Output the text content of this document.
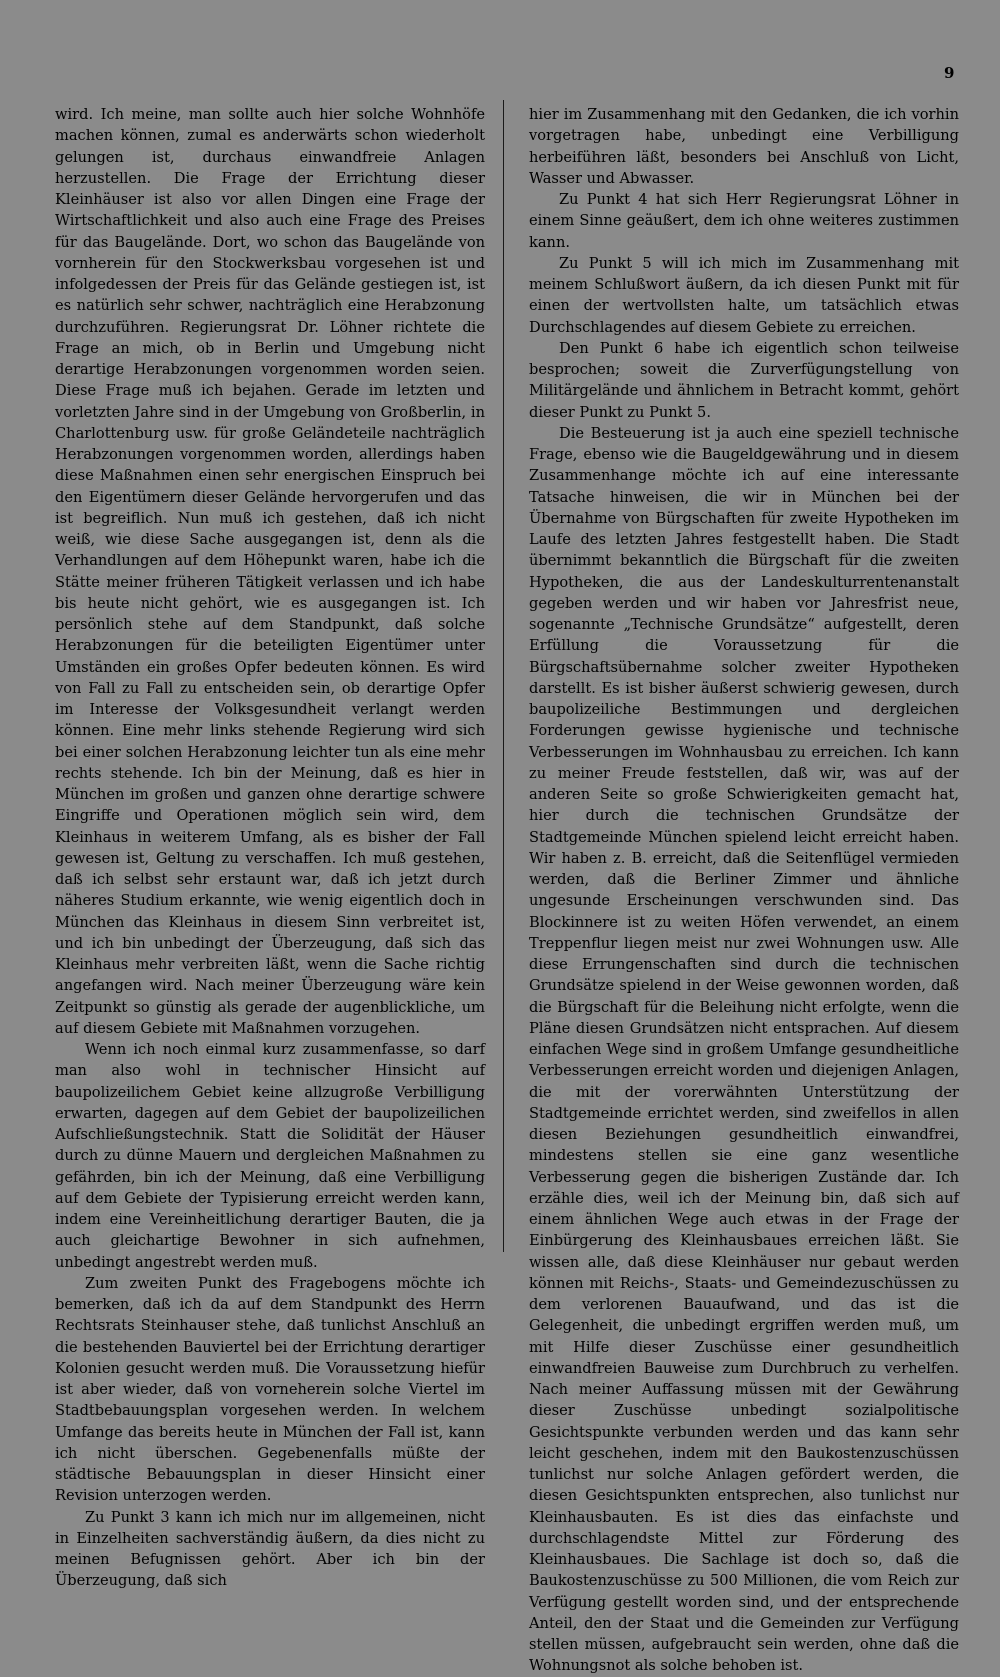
9

wird. Ich meine, man sollte auch hier solche Wohnhöfe machen können, zumal es anderwärts schon wiederholt gelungen ist, durchaus einwandfreie Anlagen herzustellen. Die Frage der Errichtung dieser Kleinhäuser ist also vor allen Dingen eine Frage der Wirtschaftlichkeit und also auch eine Frage des Preises für das Baugelände. Dort, wo schon das Baugelände von vornherein für den Stockwerksbau vorgesehen ist und infolgedessen der Preis für das Gelände gestiegen ist, ist es natürlich sehr schwer, nachträglich eine Herabzonung durchzuführen. Regierungsrat Dr. Löhner richtete die Frage an mich, ob in Berlin und Umgebung nicht derartige Herabzonungen vorgenommen worden seien. Diese Frage muß ich bejahen. Gerade im letzten und vorletzten Jahre sind in der Umgebung von Großberlin, in Charlottenburg usw. für große Geländeteile nachträglich Herabzonungen vorgenommen worden, allerdings haben diese Maßnahmen einen sehr energischen Einspruch bei den Eigentümern dieser Gelände hervorgerufen und das ist begreiflich. Nun muß ich gestehen, daß ich nicht weiß, wie diese Sache ausgegangen ist, denn als die Verhandlungen auf dem Höhepunkt waren, habe ich die Stätte meiner früheren Tätigkeit verlassen und ich habe bis heute nicht gehört, wie es ausgegangen ist. Ich persönlich stehe auf dem Standpunkt, daß solche Herabzonungen für die beteiligten Eigentümer unter Umständen ein großes Opfer bedeuten können. Es wird von Fall zu Fall zu entscheiden sein, ob derartige Opfer im Interesse der Volksgesundheit verlangt werden können. Eine mehr links stehende Regierung wird sich bei einer solchen Herabzonung leichter tun als eine mehr rechts stehende. Ich bin der Meinung, daß es hier in München im großen und ganzen ohne derartige schwere Eingriffe und Operationen möglich sein wird, dem Kleinhaus in weiterem Umfang, als es bisher der Fall gewesen ist, Geltung zu verschaffen. Ich muß gestehen, daß ich selbst sehr erstaunt war, daß ich jetzt durch näheres Studium erkannte, wie wenig eigentlich doch in München das Kleinhaus in diesem Sinn verbreitet ist, und ich bin unbedingt der Überzeugung, daß sich das Kleinhaus mehr verbreiten läßt, wenn die Sache richtig angefangen wird. Nach meiner Überzeugung wäre kein Zeitpunkt so günstig als gerade der augenblickliche, um auf diesem Gebiete mit Maßnahmen vorzugehen.

Wenn ich noch einmal kurz zusammenfasse, so darf man also wohl in technischer Hinsicht auf baupolizeilichem Gebiet keine allzugroße Verbilligung erwarten, dagegen auf dem Gebiet der baupolizeilichen Aufschließungstechnik. Statt die Solidität der Häuser durch zu dünne Mauern und dergleichen Maßnahmen zu gefährden, bin ich der Meinung, daß eine Verbilligung auf dem Gebiete der Typisierung erreicht werden kann, indem eine Vereinheitlichung derartiger Bauten, die ja auch gleichartige Bewohner in sich aufnehmen, unbedingt angestrebt werden muß.

Zum zweiten Punkt des Fragebogens möchte ich bemerken, daß ich da auf dem Standpunkt des Herrn Rechtsrats Steinhauser stehe, daß tunlichst Anschluß an die bestehenden Bauviertel bei der Errichtung derartiger Kolonien gesucht werden muß. Die Voraussetzung hiefür ist aber wieder, daß von vorneherein solche Viertel im Stadtbebauungsplan vorgesehen werden. In welchem Umfange das bereits heute in München der Fall ist, kann ich nicht überschen. Gegebenenfalls müßte der städtische Bebauungsplan in dieser Hinsicht einer Revision unterzogen werden.

Zu Punkt 3 kann ich mich nur im allgemeinen, nicht in Einzelheiten sachverständig äußern, da dies nicht zu meinen Befugnissen gehört. Aber ich bin der Überzeugung, daß sich

hier im Zusammenhang mit den Gedanken, die ich vorhin vorgetragen habe, unbedingt eine Verbilligung herbeiführen läßt, besonders bei Anschluß von Licht, Wasser und Abwasser.

Zu Punkt 4 hat sich Herr Regierungsrat Löhner in einem Sinne geäußert, dem ich ohne weiteres zustimmen kann.

Zu Punkt 5 will ich mich im Zusammenhang mit meinem Schlußwort äußern, da ich diesen Punkt mit für einen der wertvollsten halte, um tatsächlich etwas Durchschlagendes auf diesem Gebiete zu erreichen.

Den Punkt 6 habe ich eigentlich schon teilweise besprochen; soweit die Zurverfügungstellung von Militärgelände und ähnlichem in Betracht kommt, gehört dieser Punkt zu Punkt 5.

Die Besteuerung ist ja auch eine speziell technische Frage, ebenso wie die Baugeldgewährung und in diesem Zusammenhange möchte ich auf eine interessante Tatsache hinweisen, die wir in München bei der Übernahme von Bürgschaften für zweite Hypotheken im Laufe des letzten Jahres festgestellt haben. Die Stadt übernimmt bekanntlich die Bürgschaft für die zweiten Hypotheken, die aus der Landeskulturrentenanstalt gegeben werden und wir haben vor Jahresfrist neue, sogenannte „Technische Grundsätze“ aufgestellt, deren Erfüllung die Voraussetzung für die Bürgschaftsübernahme solcher zweiter Hypotheken darstellt. Es ist bisher äußerst schwierig gewesen, durch baupolizeiliche Bestimmungen und dergleichen Forderungen gewisse hygienische und technische Verbesserungen im Wohnhausbau zu erreichen. Ich kann zu meiner Freude feststellen, daß wir, was auf der anderen Seite so große Schwierigkeiten gemacht hat, hier durch die technischen Grundsätze der Stadtgemeinde München spielend leicht erreicht haben. Wir haben z. B. erreicht, daß die Seitenflügel vermieden werden, daß die Berliner Zimmer und ähnliche ungesunde Erscheinungen verschwunden sind. Das Blockinnere ist zu weiten Höfen verwendet, an einem Treppenflur liegen meist nur zwei Wohnungen usw. Alle diese Errungenschaften sind durch die technischen Grundsätze spielend in der Weise gewonnen worden, daß die Bürgschaft für die Beleihung nicht erfolgte, wenn die Pläne diesen Grundsätzen nicht entsprachen. Auf diesem einfachen Wege sind in großem Umfange gesundheitliche Verbesserungen erreicht worden und diejenigen Anlagen, die mit der vorerwähnten Unterstützung der Stadtgemeinde errichtet werden, sind zweifellos in allen diesen Beziehungen gesundheitlich einwandfrei, mindestens stellen sie eine ganz wesentliche Verbesserung gegen die bisherigen Zustände dar. Ich erzähle dies, weil ich der Meinung bin, daß sich auf einem ähnlichen Wege auch etwas in der Frage der Einbürgerung des Kleinhausbaues erreichen läßt. Sie wissen alle, daß diese Kleinhäuser nur gebaut werden können mit Reichs-, Staats- und Gemeindezuschüssen zu dem verlorenen Bauaufwand, und das ist die Gelegenheit, die unbedingt ergriffen werden muß, um mit Hilfe dieser Zuschüsse einer gesundheitlich einwandfreien Bauweise zum Durchbruch zu verhelfen. Nach meiner Auffassung müssen mit der Gewährung dieser Zuschüsse unbedingt sozialpolitische Gesichtspunkte verbunden werden und das kann sehr leicht geschehen, indem mit den Baukostenzuschüssen tunlichst nur solche Anlagen gefördert werden, die diesen Gesichtspunkten entsprechen, also tunlichst nur Kleinhausbauten. Es ist dies das einfachste und durchschlagendste Mittel zur Förderung des Kleinhausbaues. Die Sachlage ist doch so, daß die Baukostenzuschüsse zu 500 Millionen, die vom Reich zur Verfügung gestellt worden sind, und der entsprechende Anteil, den der Staat und die Gemeinden zur Verfügung stellen müssen, aufgebraucht sein werden, ohne daß die Wohnungsnot als solche behoben ist.
